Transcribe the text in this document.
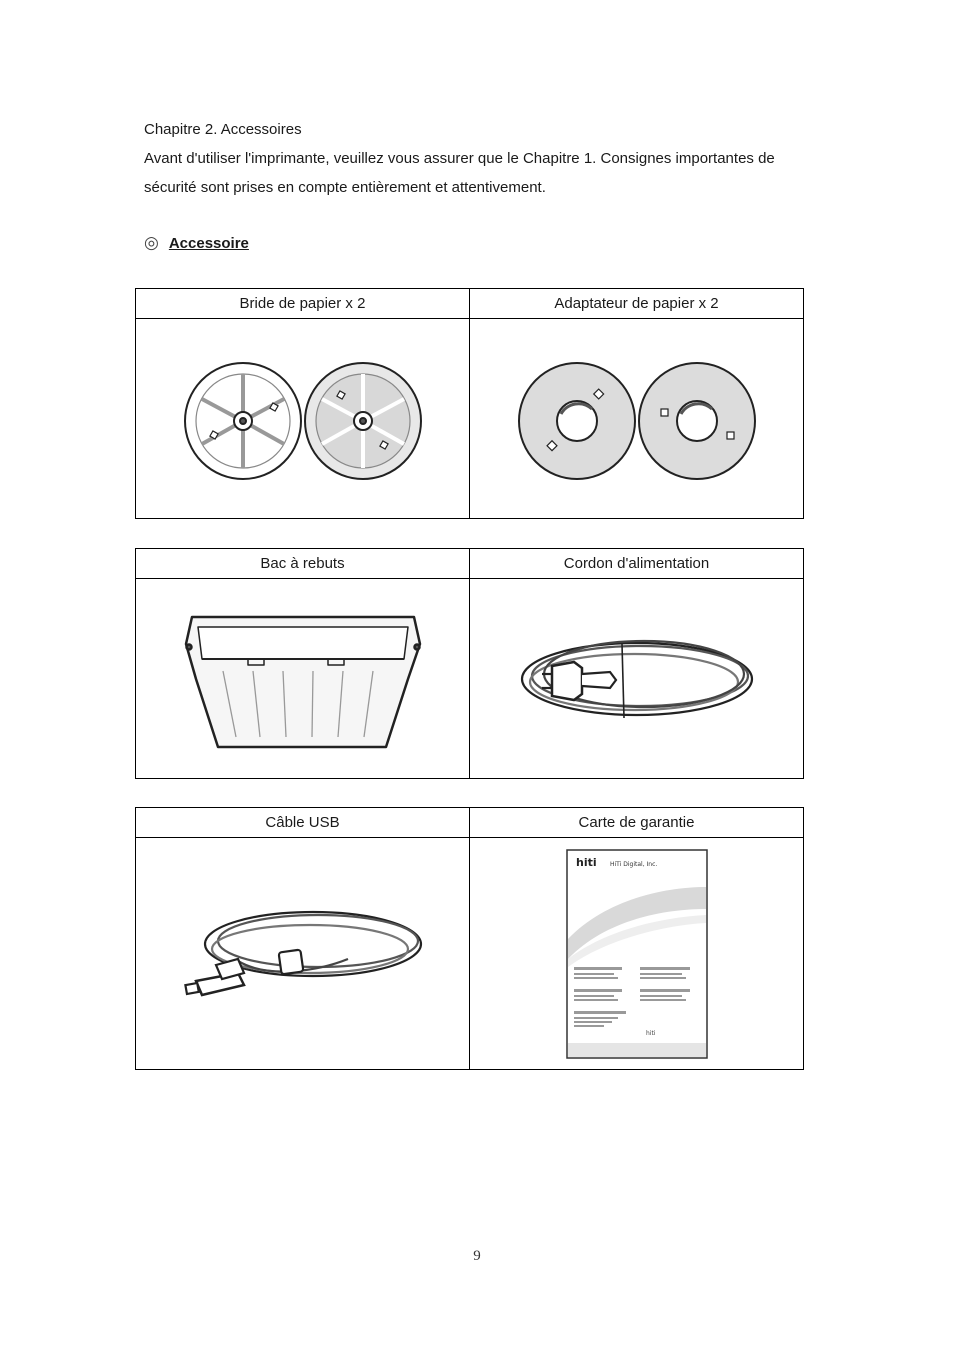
Chapitre 2. Accessoires

Avant d'utiliser l'imprimante, veuillez vous assurer que le Chapitre 1. Consignes importantes de sécurité sont prises en compte entièrement et attentivement.

◎ Accessoire
Bride de papier x 2	Adaptateur de papier x 2

Bac à rebuts	Cordon d'alimentation

Câble USB	Carte de garantie

hiti HiTi Digital, Inc.
hiti
9
